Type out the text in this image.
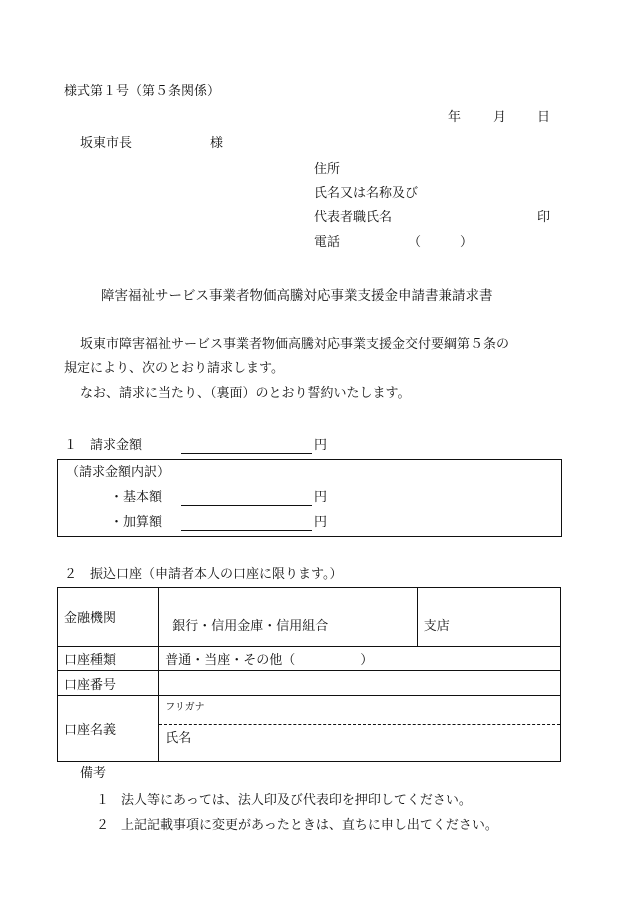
様式第１号（第５条関係）
年 月 日
坂東市長	様
住所
氏名又は名称及び
代表者職氏名	印
電話	（　　　）
障害福祉サービス事業者物価高騰対応事業支援金申請書兼請求書
坂東市障害福祉サービス事業者物価高騰対応事業支援金交付要綱第５条の
規定により、次のとおり請求します。
なお、請求に当たり、（裏面）のとおり誓約いたします。
１　請求金額	円
（請求金額内訳）
・基本額	円
・加算額	円
２　振込口座（申請者本人の口座に限ります。）
金融機関	銀行・信用金庫・信用組合	支店
口座種類	普通・当座・その他（　　　　　）	
口座番号		
口座名義	フリガナ
氏名	
備考
１ 法人等にあっては、法人印及び代表印を押印してください。
２ 上記記載事項に変更があったときは、直ちに申し出てください。
